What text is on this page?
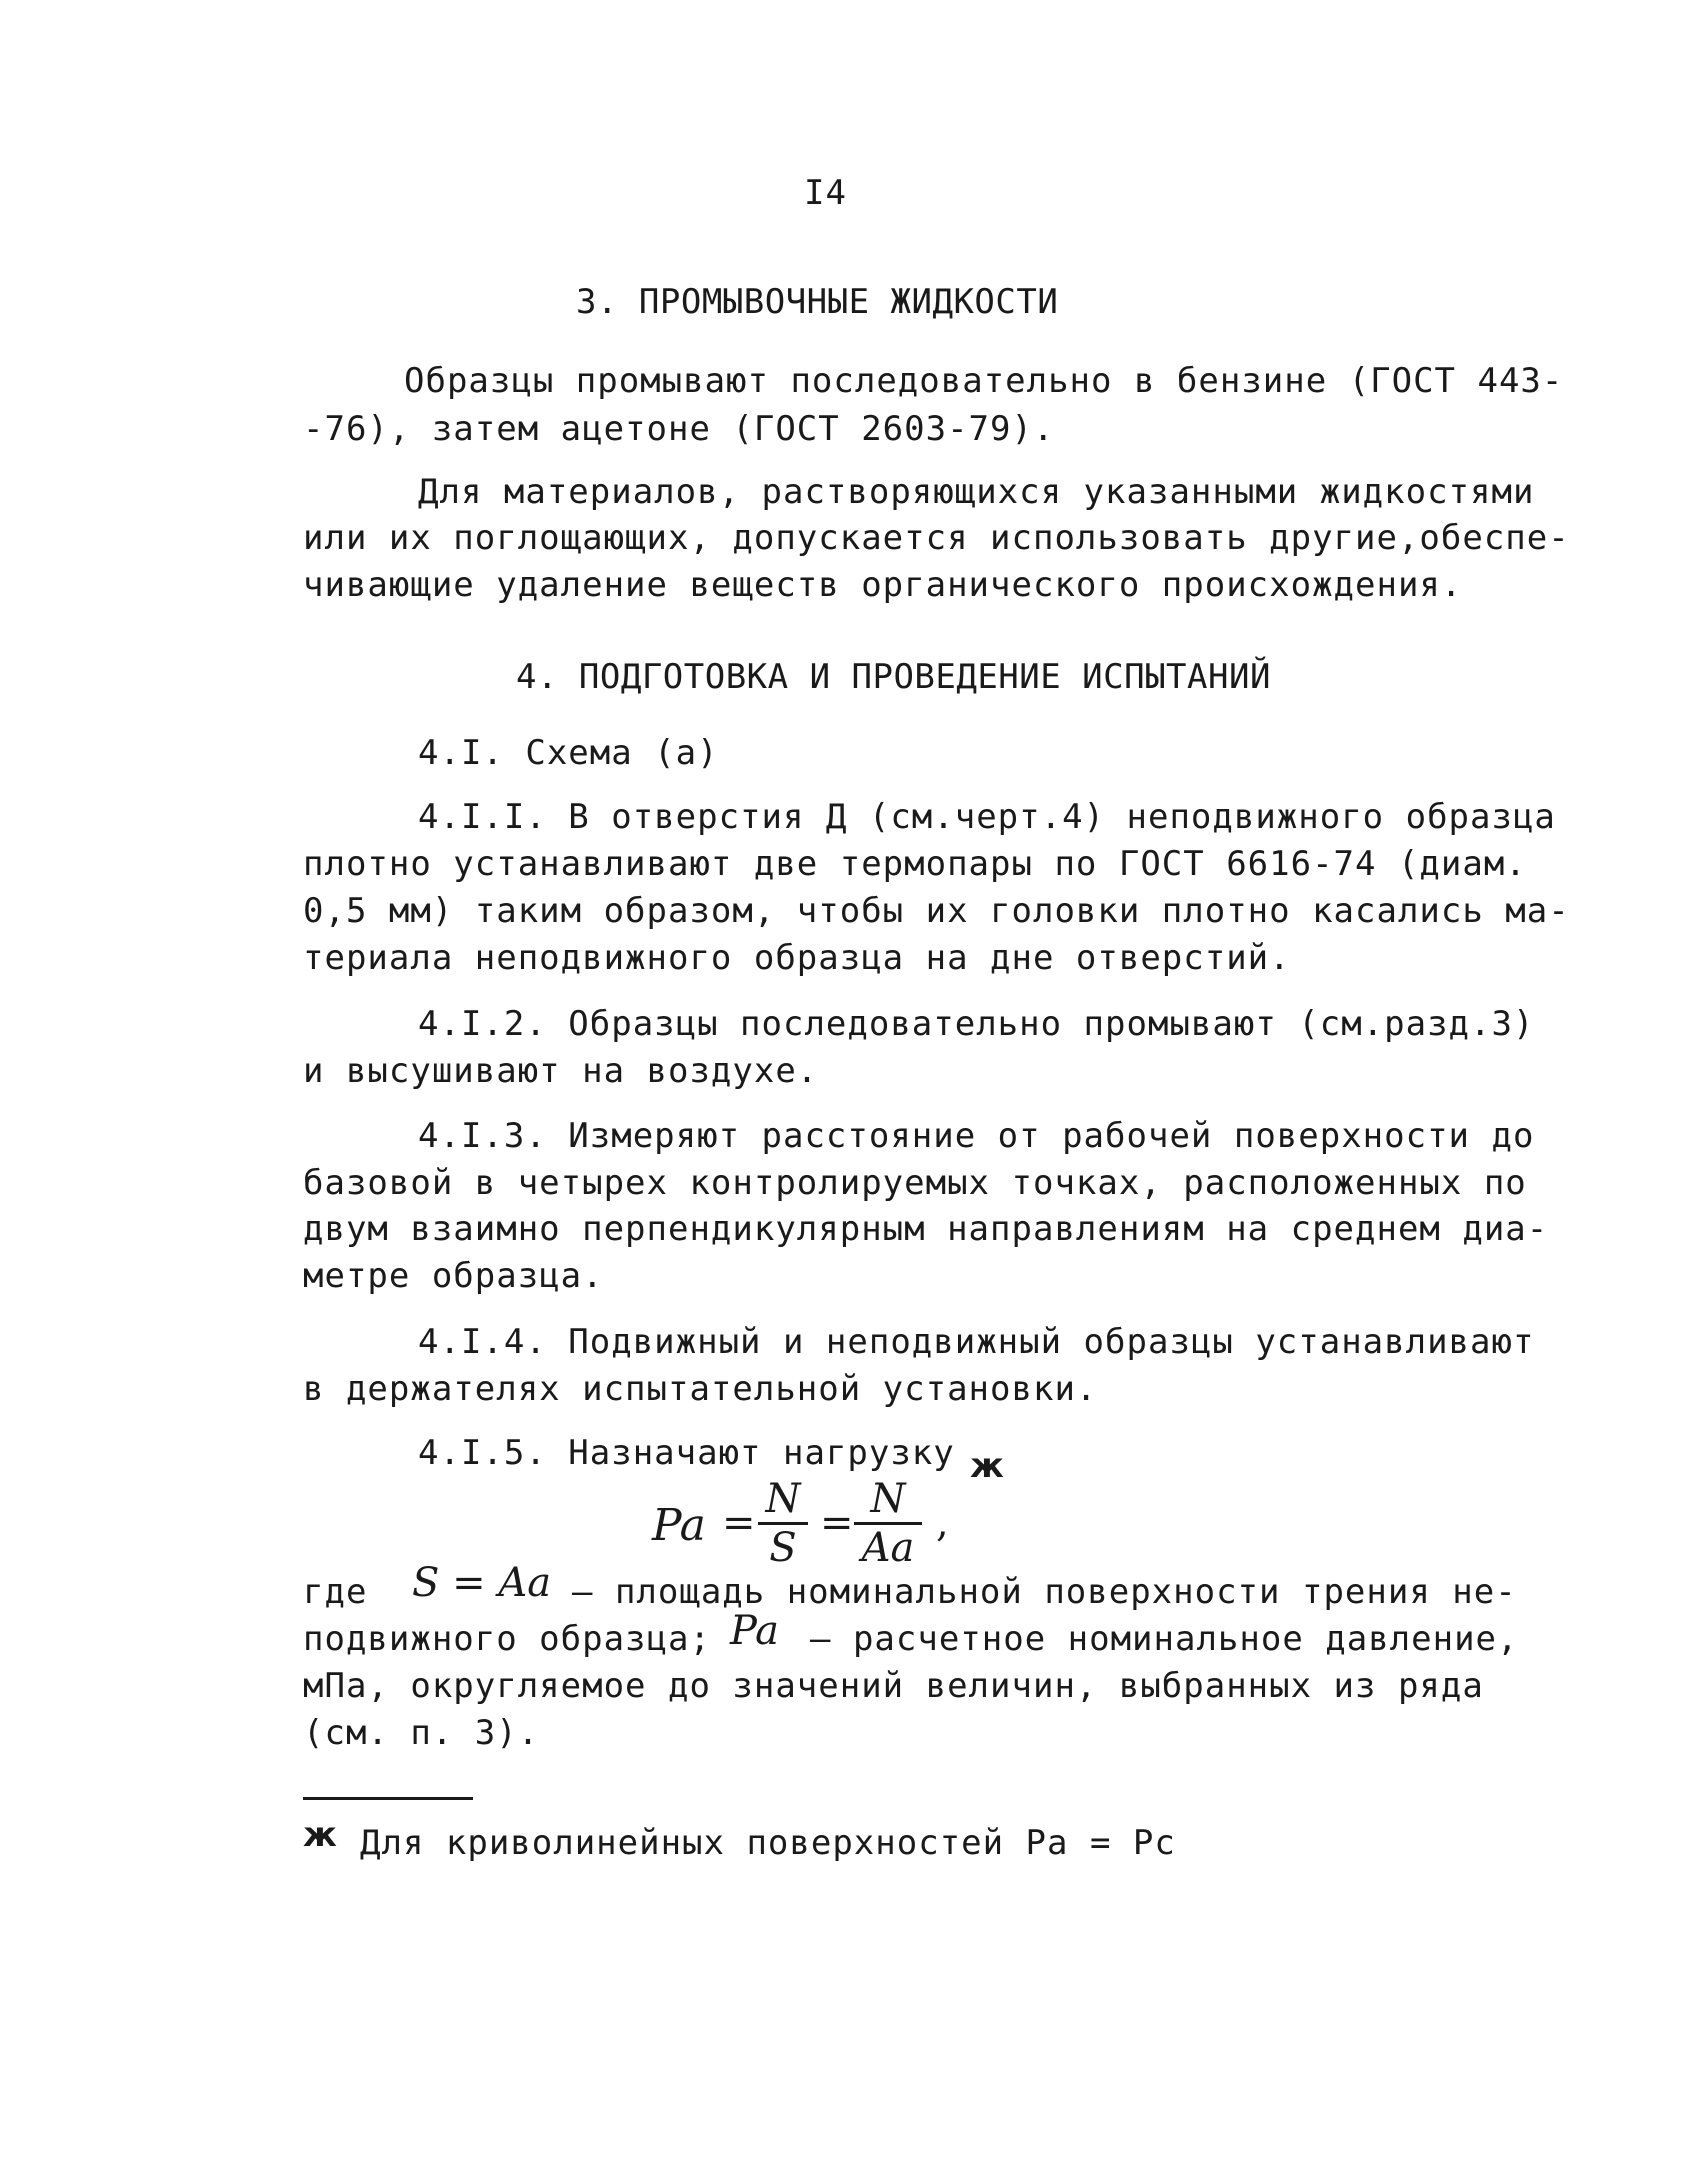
I4
3. ПРОМЫВОЧНЫЕ ЖИДКОСТИ
Образцы промывают последовательно в бензине (ГОСТ 443-
-76), затем ацетоне (ГОСТ 2603-79).
Для материалов, растворяющихся указанными жидкостями
или их поглощающих, допускается использовать другие,обеспе-
чивающие удаление веществ органического происхождения.
4. ПОДГОТОВКА И ПРОВЕДЕНИЕ ИСПЫТАНИЙ
4.I. Схема (а)
4.I.I. В отверстия Д (см.черт.4) неподвижного образца
плотно устанавливают две термопары по ГОСТ 6616-74 (диам.
0,5 мм) таким образом, чтобы их головки плотно касались ма-
териала неподвижного образца на дне отверстий.
4.I.2. Образцы последовательно промывают (см.разд.3)
и высушивают на воздухе.
4.I.3. Измеряют расстояние от рабочей поверхности до
базовой в четырех контролируемых точках, расположенных по
двум взаимно перпендикулярным направлениям на среднем диа-
метре образца.
4.I.4. Подвижный и неподвижный образцы устанавливают
в держателях испытательной установки.
4.I.5. Назначают нагрузку ж
Pa =
N
S
=
N
Aa
,
где S = Aa – площадь номинальной поверхности трения не-
подвижного образца; Pa – расчетное номинальное давление,
мПа, округляемое до значений величин, выбранных из ряда
(см. п. 3).
ж Для криволинейных поверхностей Ра = Рс
